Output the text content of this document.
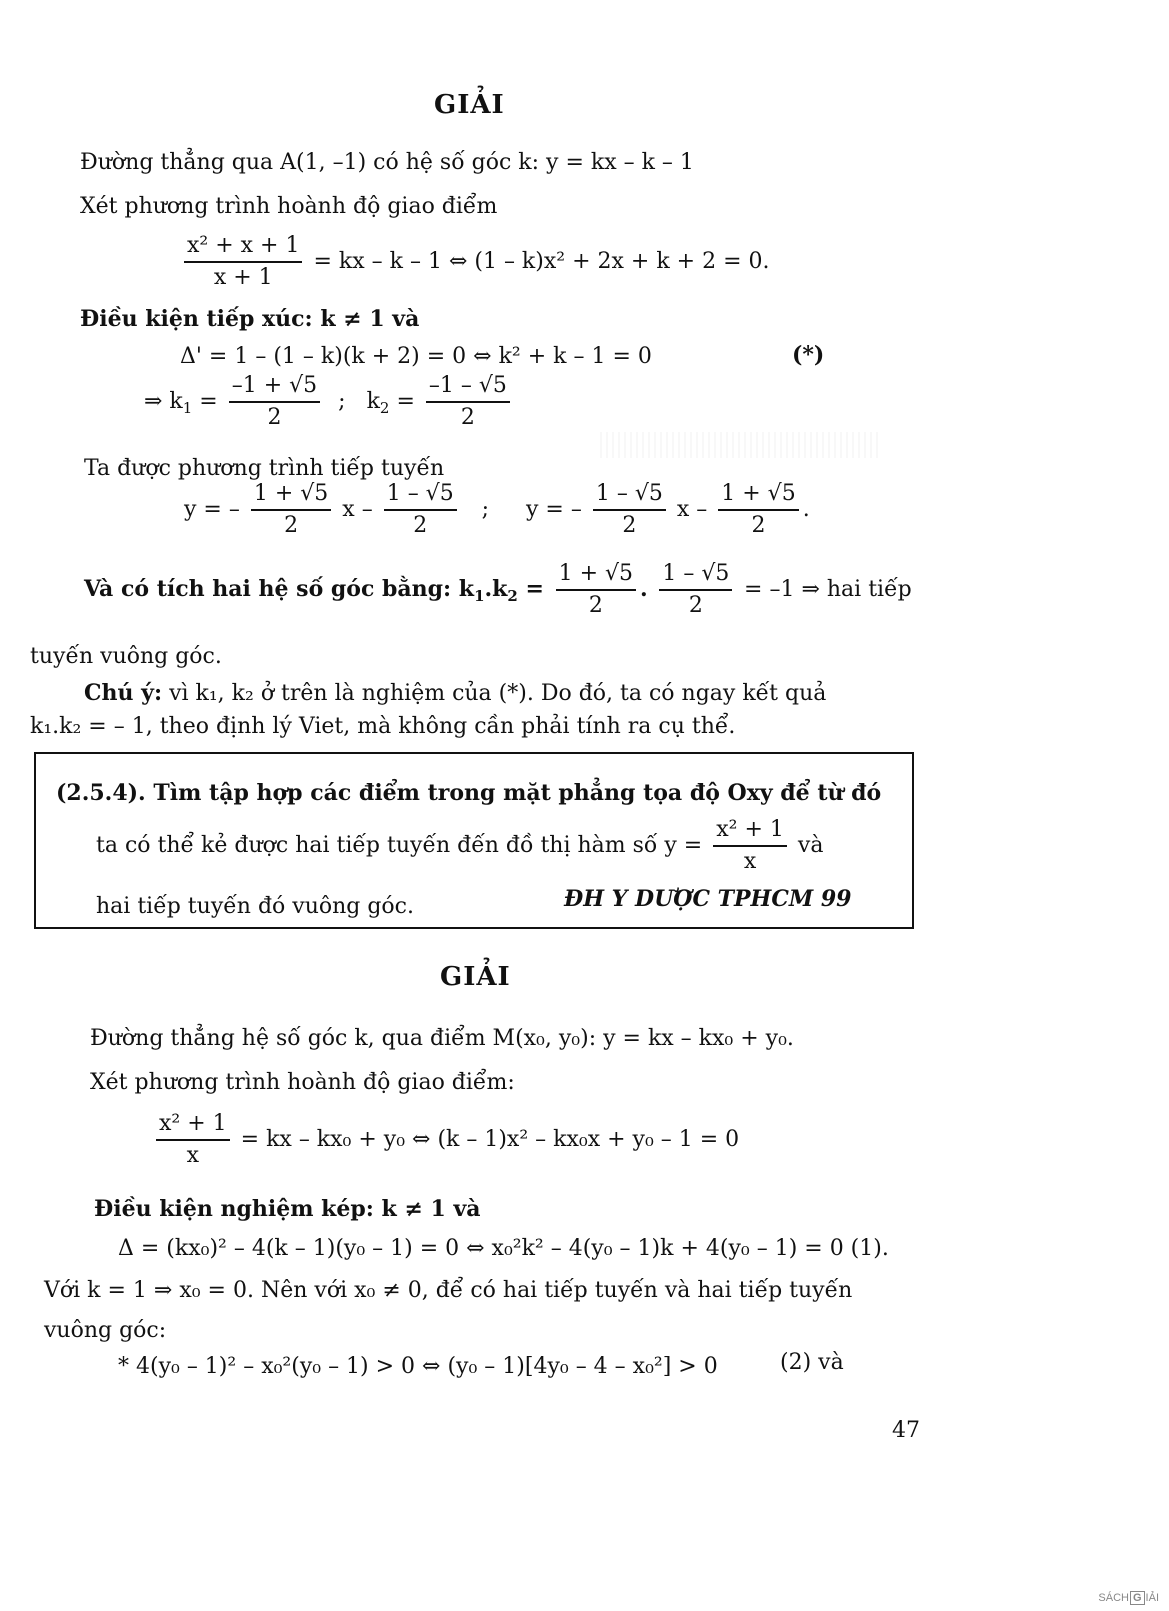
GIẢI
Đường thẳng qua A(1, –1) có hệ số góc k: y = kx – k – 1
Xét phương trình hoành độ giao điểm
$\frac{\text{x² + x + 1}}{x + 1}$ = kx – k – 1 ⇔ (1 – k)x² + 2x + k + 2 = 0.
Điều kiện tiếp xúc: k ≠ 1 và
Δ' = 1 – (1 – k)(k + 2) = 0 ⇔ k² + k – 1 = 0	(*)
⇒ $k_1 = \frac{-1 + √5}{2}$ ;   $k_2 = \frac{-1 - √5}{2}$
Ta được phương trình tiếp tuyến
y = – $\frac{1 + √5}{2}$ x – $\frac{1 - √5}{2}$ ; y = – $\frac{1 - √5}{2}$ x – $\frac{1 + √5}{2}$ .
Và có tích hai hệ số góc bằng: $k_1.k_2 = \frac{1 + √5}{2}$ . $\frac{1 - √5}{2} = -1$ ⇒ hai tiếp
tuyến vuông góc.
Chú ý: vì k₁, k₂ ở trên là nghiệm của (*). Do đó, ta có ngay kết quả
k₁.k₂ = – 1, theo định lý Viet, mà không cần phải tính ra cụ thể.
(2.5.4). Tìm tập hợp các điểm trong mặt phẳng tọa độ Oxy để từ đó
ta có thể kẻ được hai tiếp tuyến đến đồ thị hàm số $y = \frac{\text{x² + 1}}{x}$ và
hai tiếp tuyến đó vuông góc.	ĐH Y DƯỢC TPHCM 99
GIẢI
Đường thẳng hệ số góc k, qua điểm M(x₀, y₀): y = kx – kx₀ + y₀.
Xét phương trình hoành độ giao điểm:
$\frac{\text{x² + 1}}{x}$ = kx – kx₀ + y₀ ⇔ (k – 1)x² – kx₀x + y₀ – 1 = 0
Điều kiện nghiệm kép: k ≠ 1 và
Δ = (kx₀)² – 4(k – 1)(y₀ – 1) = 0 ⇔ x₀²k² – 4(y₀ – 1)k + 4(y₀ – 1) = 0 (1).
Với k = 1 ⇒ x₀ = 0. Nên với x₀ ≠ 0, để có hai tiếp tuyến và hai tiếp tuyến
vuông góc:
* 4(y₀ – 1)² – x₀²(y₀ – 1) > 0 ⇔ (y₀ – 1)[4y₀ – 4 – x₀²] > 0	(2) và
47
SÁCH G IẢI
